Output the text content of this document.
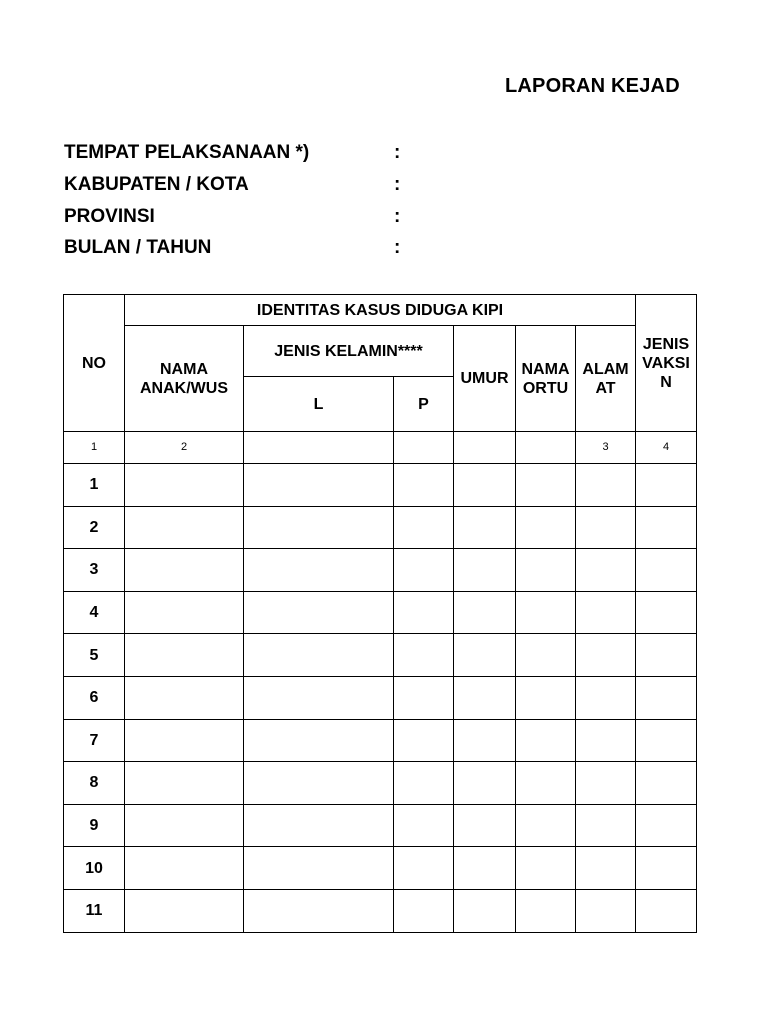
LAPORAN KEJAD
TEMPAT PELAKSANAAN *)	:
KABUPATEN / KOTA	:
PROVINSI	:
BULAN / TAHUN	:
NO	IDENTITAS KASUS DIDUGA KIPI						JENIS VAKSI N
	NAMA ANAK/WUS	JENIS KELAMIN****		UMUR	NAMA ORTU	ALAM AT	
		L	P				
1	2					3	4
1							
2							
3							
4							
5							
6							
7							
8							
9							
10							
11							
